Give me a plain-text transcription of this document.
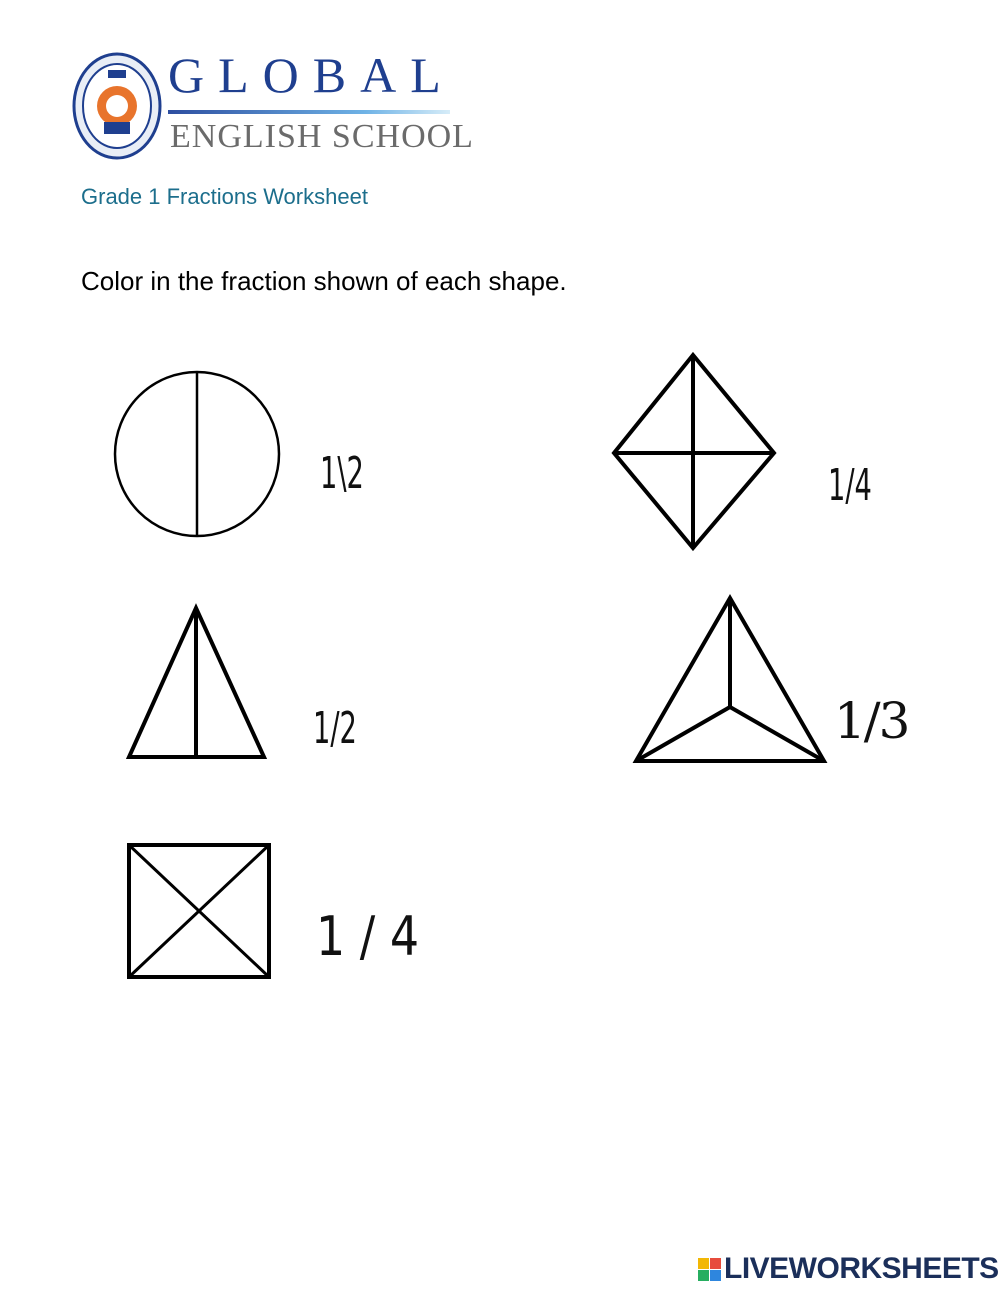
GLOBAL
ENGLISH SCHOOL
Grade 1 Fractions Worksheet
Color in the fraction shown of each shape.
1\2	1/4
1/2	1/3
1 / 4
LIVEWORKSHEETS
